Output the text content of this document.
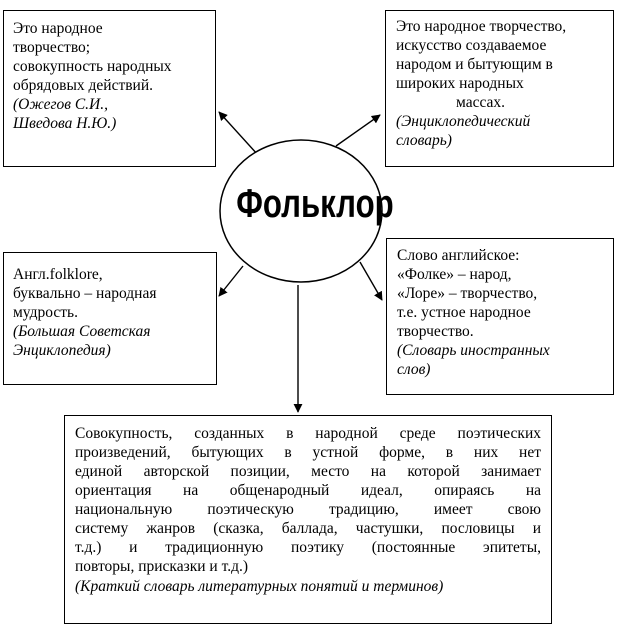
Фольклор
Это народное
творчество;
совокупность народных
обрядовых действий.
(Ожегов С.И.,
Шведова Н.Ю.)
Это народное творчество,
искусство создаваемое
народом и бытующим в
широких народных
массах.
(Энциклопедический
словарь)
Англ.folklore,
буквально – народная
мудрость.
(Большая Советская
Энциклопедия)
Слово английское:
«Фолке» – народ,
«Лоре» – творчество,
т.е. устное народное
творчество.
(Словарь иностранных
слов)
Совокупность, созданных в народной среде поэтических
произведений, бытующих в устной форме, в них нет
единой авторской позиции, место на которой занимает
ориентация на общенародный идеал, опираясь на
национальную поэтическую традицию, имеет свою
систему жанров (сказка, баллада, частушки, пословицы и
т.д.) и традиционную поэтику (постоянные эпитеты,
повторы, присказки и т.д.)
(Краткий словарь литературных понятий и терминов)
